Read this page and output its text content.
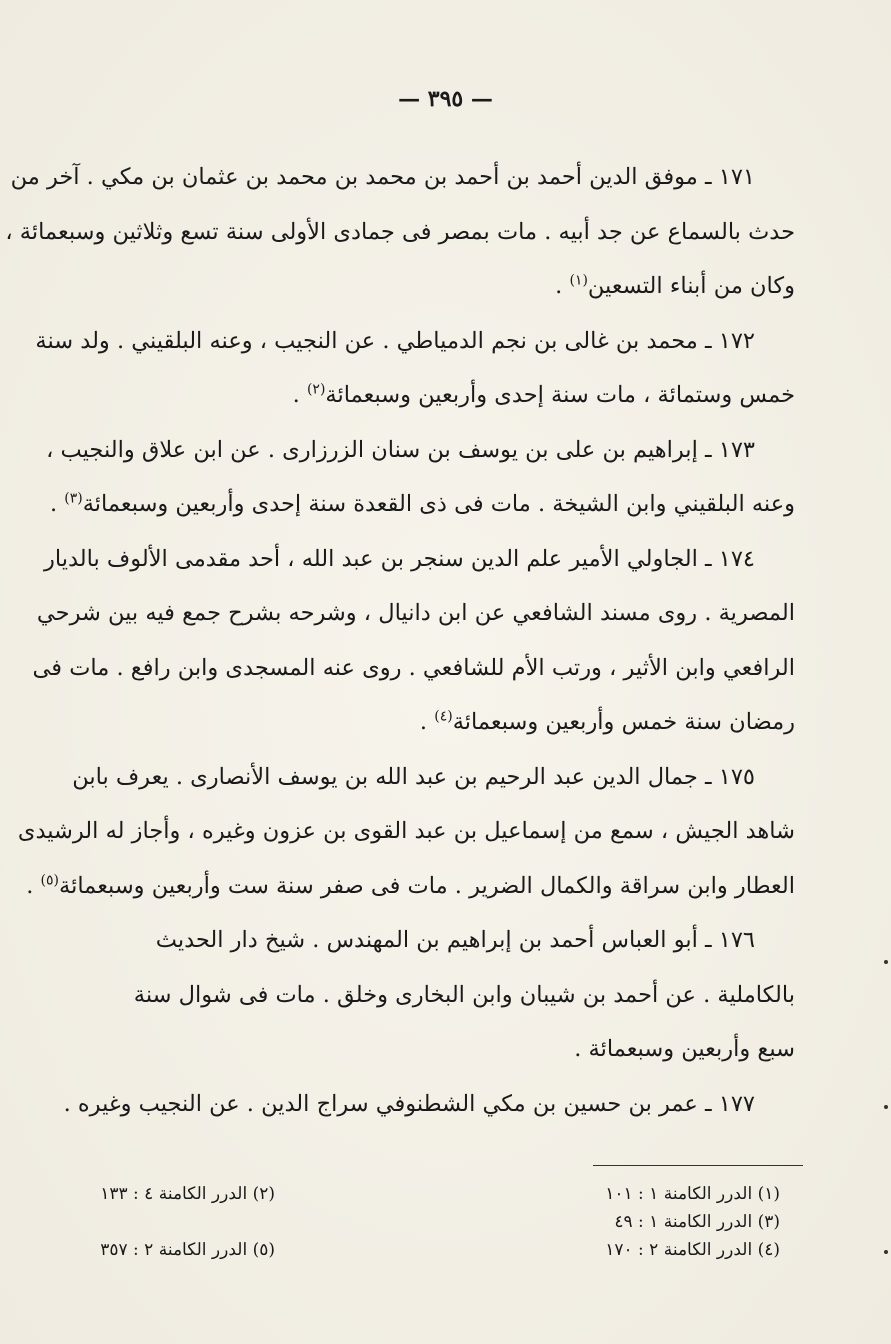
— ٣٩٥ —
١٧١ ـ موفق الدين أحمد بن أحمد بن محمد بن محمد بن عثمان بن مكي . آخر من
حدث بالسماع عن جد أبيه . مات بمصر فى جمادى الأولى سنة تسع وثلاثين وسبعمائة ،
وكان من أبناء التسعين$^{(١)}$ .
١٧٢ ـ محمد بن غالى بن نجم الدمياطي . عن النجيب ، وعنه البلقيني . ولد سنة
خمس وستمائة ، مات سنة إحدى وأربعين وسبعمائة$^{(٢)}$ .
١٧٣ ـ إبراهيم بن على بن يوسف بن سنان الزرزارى . عن ابن علاق والنجيب ،
وعنه البلقيني وابن الشيخة . مات فى ذى القعدة سنة إحدى وأربعين وسبعمائة$^{(٣)}$ .
١٧٤ ـ الجاولي الأمير علم الدين سنجر بن عبد الله ، أحد مقدمى الألوف بالديار
المصرية . روى مسند الشافعي عن ابن دانيال ، وشرحه بشرح جمع فيه بين شرحي
الرافعي وابن الأثير ، ورتب الأم للشافعي . روى عنه المسجدى وابن رافع . مات فى
رمضان سنة خمس وأربعين وسبعمائة$^{(٤)}$ .
١٧٥ ـ جمال الدين عبد الرحيم بن عبد الله بن يوسف الأنصارى . يعرف بابن
شاهد الجيش ، سمع من إسماعيل بن عبد القوى بن عزون وغيره ، وأجاز له الرشيدى
العطار وابن سراقة والكمال الضرير . مات فى صفر سنة ست وأربعين وسبعمائة$^{(٥)}$ .
١٧٦ ـ أبو العباس أحمد بن إبراهيم بن المهندس . شيخ دار الحديث
بالكاملية . عن أحمد بن شيبان وابن البخارى وخلق . مات فى شوال سنة
سبع وأربعين وسبعمائة .
١٧٧ ـ عمر بن حسين بن مكي الشطنوفي سراج الدين . عن النجيب وغيره .
(١) الدرر الكامنة ١ : ١٠١
(٢) الدرر الكامنة ٤ : ١٣٣
(٣) الدرر الكامنة ١ : ٤٩
(٤) الدرر الكامنة ٢ : ١٧٠
(٥) الدرر الكامنة ٢ : ٣٥٧
